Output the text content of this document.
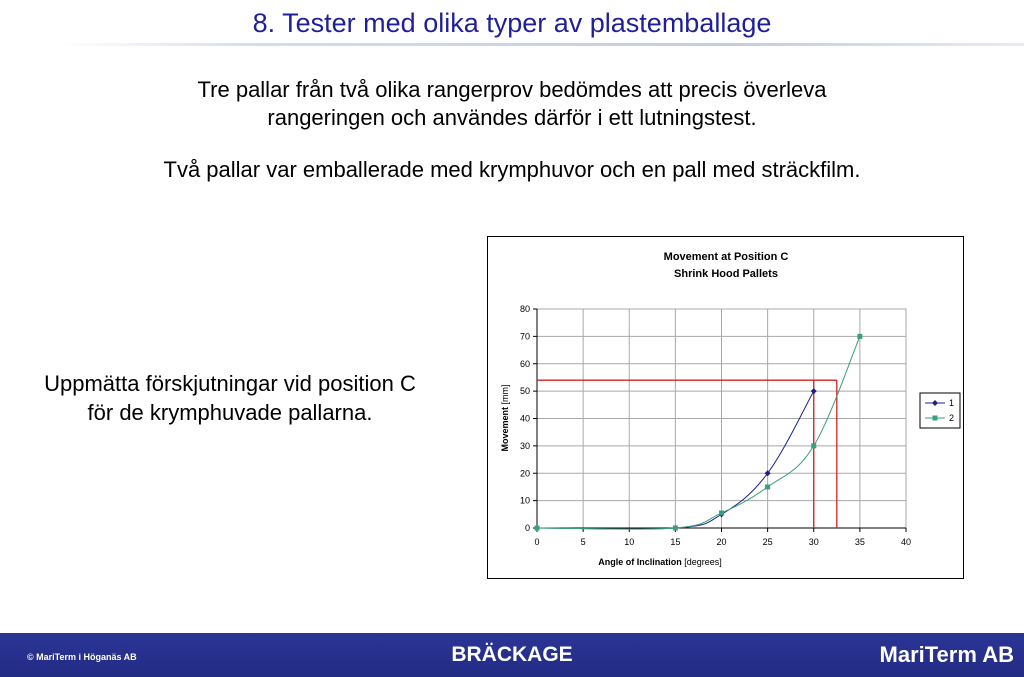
8. Tester med olika typer av plastemballage

Tre pallar från två olika rangerprov bedömdes att precis överleva

rangeringen och användes därför i ett lutningstest.

Två pallar var emballerade med krymphuvor och en pall med sträckfilm.

Uppmätta förskjutningar vid position C
för de krymphuvade pallarna.
Movement at Position C
Shrink Hood Pallets
0	5	10	15	20	25	30	35	40
0
10
20
30
40
50
60
70
80
Angle of Inclination [degrees]
Movement [mm]	1
2
© MariTerm i Höganäs AB	BRÄCKAGE	MariTerm AB
